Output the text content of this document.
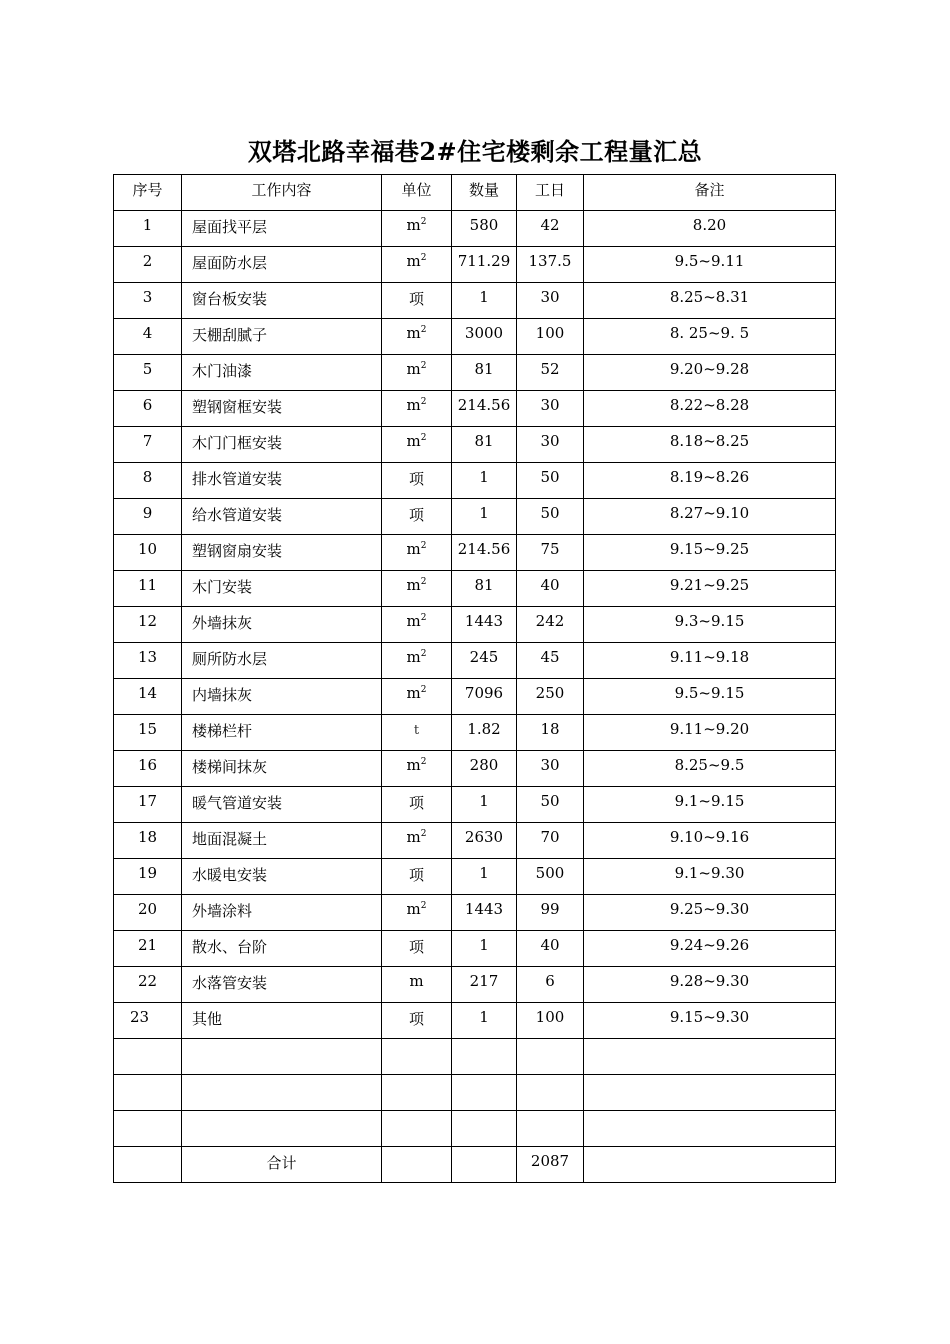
双塔北路幸福巷2#住宅楼剩余工程量汇总
序号	工作内容	单位	数量	工日	备注
1	屋面找平层	$m^2$	580	42	8.20
2	屋面防水层	$m^2$	711.29	137.5	9.5~9.11
3	窗台板安装	项	1	30	8.25~8.31
4	天棚刮腻子	$m^2$	3000	100	8. 25~9. 5
5	木门油漆	$m^2$	81	52	9.20~9.28
6	塑钢窗框安装	$m^2$	214.56	30	8.22~8.28
7	木门门框安装	$m^2$	81	30	8.18~8.25
8	排水管道安装	项	1	50	8.19~8.26
9	给水管道安装	项	1	50	8.27~9.10
10	塑钢窗扇安装	$m^2$	214.56	75	9.15~9.25
11	木门安装	$m^2$	81	40	9.21~9.25
12	外墙抹灰	$m^2$	1443	242	9.3~9.15
13	厕所防水层	$m^2$	245	45	9.11~9.18
14	内墙抹灰	$m^2$	7096	250	9.5~9.15
15	楼梯栏杆	t	1.82	18	9.11~9.20
16	楼梯间抹灰	$m^2$	280	30	8.25~9.5
17	暖气管道安装	项	1	50	9.1~9.15
18	地面混凝土	$m^2$	2630	70	9.10~9.16
19	水暖电安装	项	1	500	9.1~9.30
20	外墙涂料	$m^2$	1443	99	9.25~9.30
21	散水、台阶	项	1	40	9.24~9.26
22	水落管安装	m	217	6	9.28~9.30
23	其他	项	1	100	9.15~9.30

	合计			2087	
